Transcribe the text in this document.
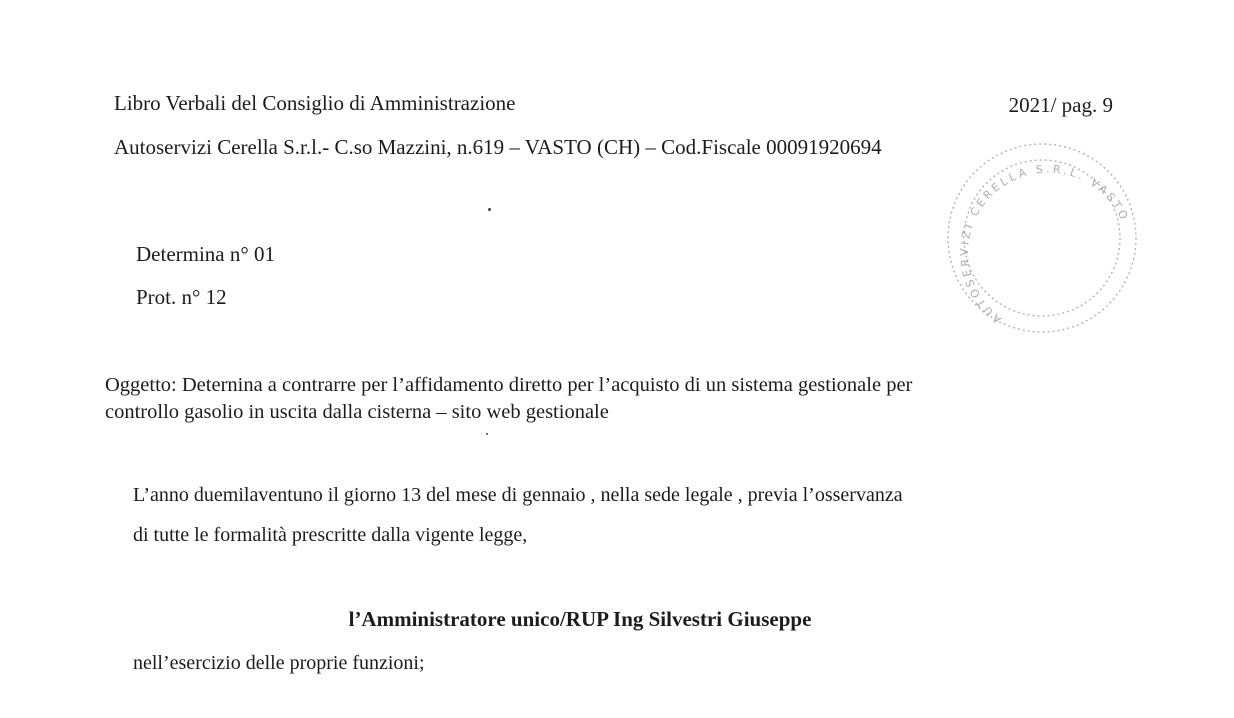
Libro Verbali del Consiglio di Amministrazione	2021/ pag. 9
Autoservizi Cerella S.r.l.- C.so Mazzini, n.619 – VASTO (CH) – Cod.Fiscale 00091920694
AUTOSERVIZI CERELLA S.R.L. VASTO
Determina n° 01
Prot. n° 12
Oggetto: Deternina a contrarre per l’affidamento diretto per l’acquisto di un sistema gestionale per
controllo gasolio in uscita dalla cisterna – sito web gestionale
L’anno duemilaventuno il giorno 13 del mese di gennaio , nella sede legale , previa l’osservanza
di tutte le formalità prescritte dalla vigente legge,
l’Amministratore unico/RUP Ing Silvestri Giuseppe
nell’esercizio delle proprie funzioni;
